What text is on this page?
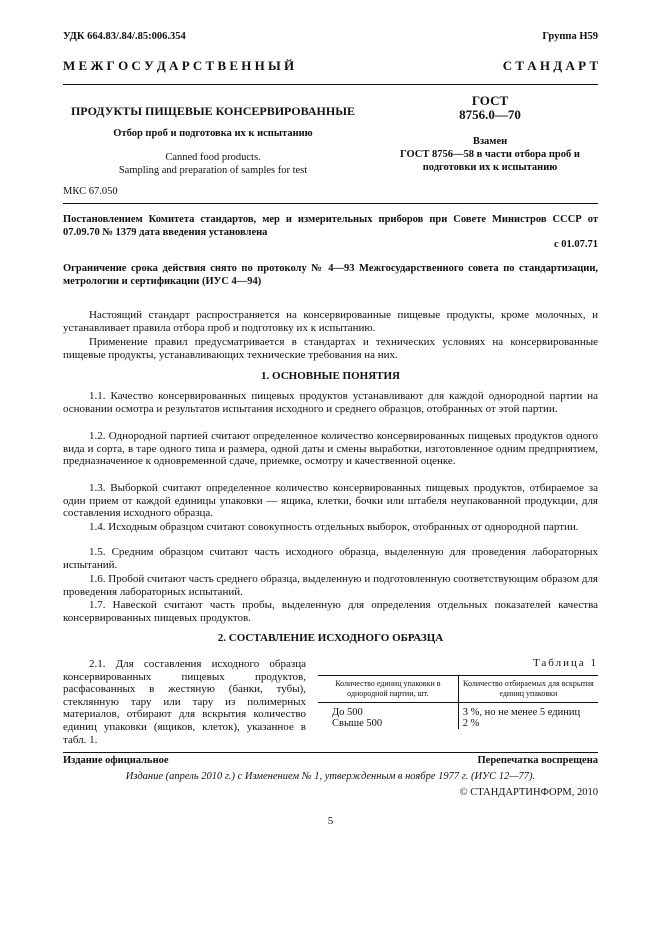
УДК 664.83/.84/.85:006.354	Группа Н59
М Е Ж Г О С У Д А Р С Т В Е Н Н Ы Й	С Т А Н Д А Р Т
ПРОДУКТЫ ПИЩЕВЫЕ КОНСЕРВИРОВАННЫЕ
Отбор проб и подготовка их к испытанию
Canned food products.
Sampling and preparation of samples for test
ГОСТ
8756.0—70
Взамен
ГОСТ 8756—58 в части отбора проб и подготовки их к испытанию
МКС 67.050
Постановлением Комитета стандартов, мер и измерительных приборов при Совете Министров СССР от 07.09.70 № 1379 дата введения установлена
с 01.07.71
Ограничение срока действия снято по протоколу № 4—93 Межгосударственного совета по стандартизации, метрологии и сертификации (ИУС 4—94)

Настоящий стандарт распространяется на консервированные пищевые продукты, кроме молочных, и устанавливает правила отбора проб и подготовку их к испытанию.

Применение правил предусматривается в стандартах и технических условиях на консервированные пищевые продукты, устанавливающих технические требования на них.

1. ОСНОВНЫЕ ПОНЯТИЯ

1.1. Качество консервированных пищевых продуктов устанавливают для каждой однородной партии на основании осмотра и результатов испытания исходного и среднего образцов, отобранных от этой партии.

1.2. Однородной партией считают определенное количество консервированных пищевых продуктов одного вида и сорта, в таре одного типа и размера, одной даты и смены выработки, изготовленное одним предприятием, предназначенное к одновременной сдаче, приемке, осмотру и качественной оценке.

1.3. Выборкой считают определенное количество консервированных пищевых продуктов, отбираемое за один прием от каждой единицы упаковки — ящика, клетки, бочки или штабеля неупакованной продукции, для составления исходного образца.

1.4. Исходным образцом считают совокупность отдельных выборок, отобранных от однородной партии.

1.5. Средним образцом считают часть исходного образца, выделенную для проведения лабораторных испытаний.

1.6. Пробой считают часть среднего образца, выделенную и подготовленную соответствующим образом для проведения лабораторных испытаний.

1.7. Навеской считают часть пробы, выделенную для определения отдельных показателей качества консервированных пищевых продуктов.

2. СОСТАВЛЕНИЕ ИСХОДНОГО ОБРАЗЦА
2.1. Для составления исходного образца консервированных пищевых продуктов, расфасованных в жестяную (банки, тубы), стеклянную тару или тару из полимерных материалов, отбирают для вскрытия количество единиц упаковки (ящиков, клеток), указанное в табл. 1.
Таблица 1
Количество единиц упаковки в однородной партии, шт.	Количество отбираемых для вскрытия единиц упаковки

До 500	3 %, но не менее 5 единиц
Свыше 500	2 %
Издание официальное	Перепечатка воспрещена
Издание (апрель 2010 г.) с Изменением № 1, утвержденным в ноябре 1977 г. (ИУС 12—77).
© СТАНДАРТИНФОРМ, 2010
5
